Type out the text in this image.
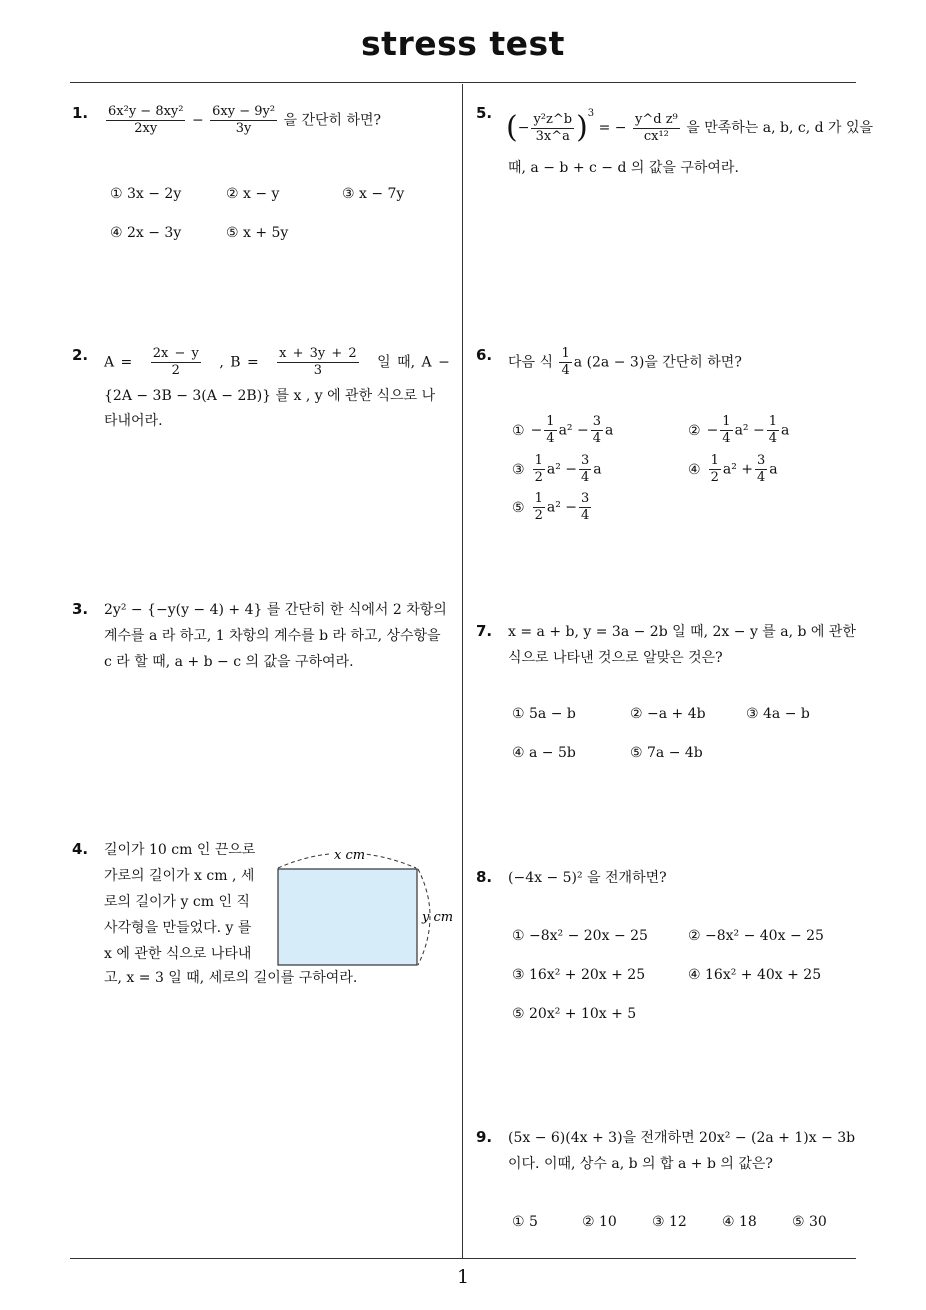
stress test
1
1. $\frac{\text{6x²y − 8xy²}}{2xy} - \frac{\text{6xy − 9y²}}{3y}$ 을 간단히 하면?
① 3x − 2y	② x − y	③ x − 7y
④ 2x − 3y	⑤ x + 5y
2. $A = \frac{2x - y}{2}$ , $B = \frac{x + 3y + 2}{3}$ 일 때, A −
{2A − 3B − 3(A − 2B)} 를 x , y 에 관한 식으로 나
타내어라.
3. 2y² − {−y(y − 4) + 4} 를 간단히 한 식에서 2 차항의
계수를 a 라 하고, 1 차항의 계수를 b 라 하고, 상수항을
c 라 할 때, a + b − c 의 값을 구하여라.
4. 길이가 10 cm 인 끈으로
가로의 길이가 x cm , 세
로의 길이가 y cm 인 직
사각형을 만들었다. y 를
x 에 관한 식으로 나타내
고, x = 3 일 때, 세로의 길이를 구하여라.
x cm
y cm
5. (− $\frac{\text{y²z\textasciicircum{}b}}{3x\^{}a} )^3$ = − $\frac{\text{y\textasciicircum{}d z⁹}}{\text{cx¹²}}$ 을 만족하는 a, b, c, d 가 있을
때, a − b + c − d 의 값을 구하여라.
6. 다음 식 $\frac{1}{4}$ a (2a − 3)을 간단히 하면?
① − $\frac{1}{4} a^2 - \frac{3}{4}$ a	② − $\frac{1}{4} a^2 - \frac{1}{4}$ a
③ $\frac{1}{2} a^2 - \frac{3}{4}$ a	④ $\frac{1}{2} a^2 + \frac{3}{4}$ a
⑤ $\frac{1}{2} a^2 - \frac{3}{4}$
7. x = a + b, y = 3a − 2b 일 때, 2x − y 를 a, b 에 관한
식으로 나타낸 것으로 알맞은 것은?
① 5a − b	② −a + 4b	③ 4a − b
④ a − 5b	⑤ 7a − 4b
8. (−4x − 5)² 을 전개하면?
① −8x² − 20x − 25	② −8x² − 40x − 25
③ 16x² + 20x + 25	④ 16x² + 40x + 25
⑤ 20x² + 10x + 5
9. (5x − 6)(4x + 3)을 전개하면 20x² − (2a + 1)x − 3b
이다. 이때, 상수 a, b 의 합 a + b 의 값은?
① 5	② 10	③ 12	④ 18	⑤ 30
